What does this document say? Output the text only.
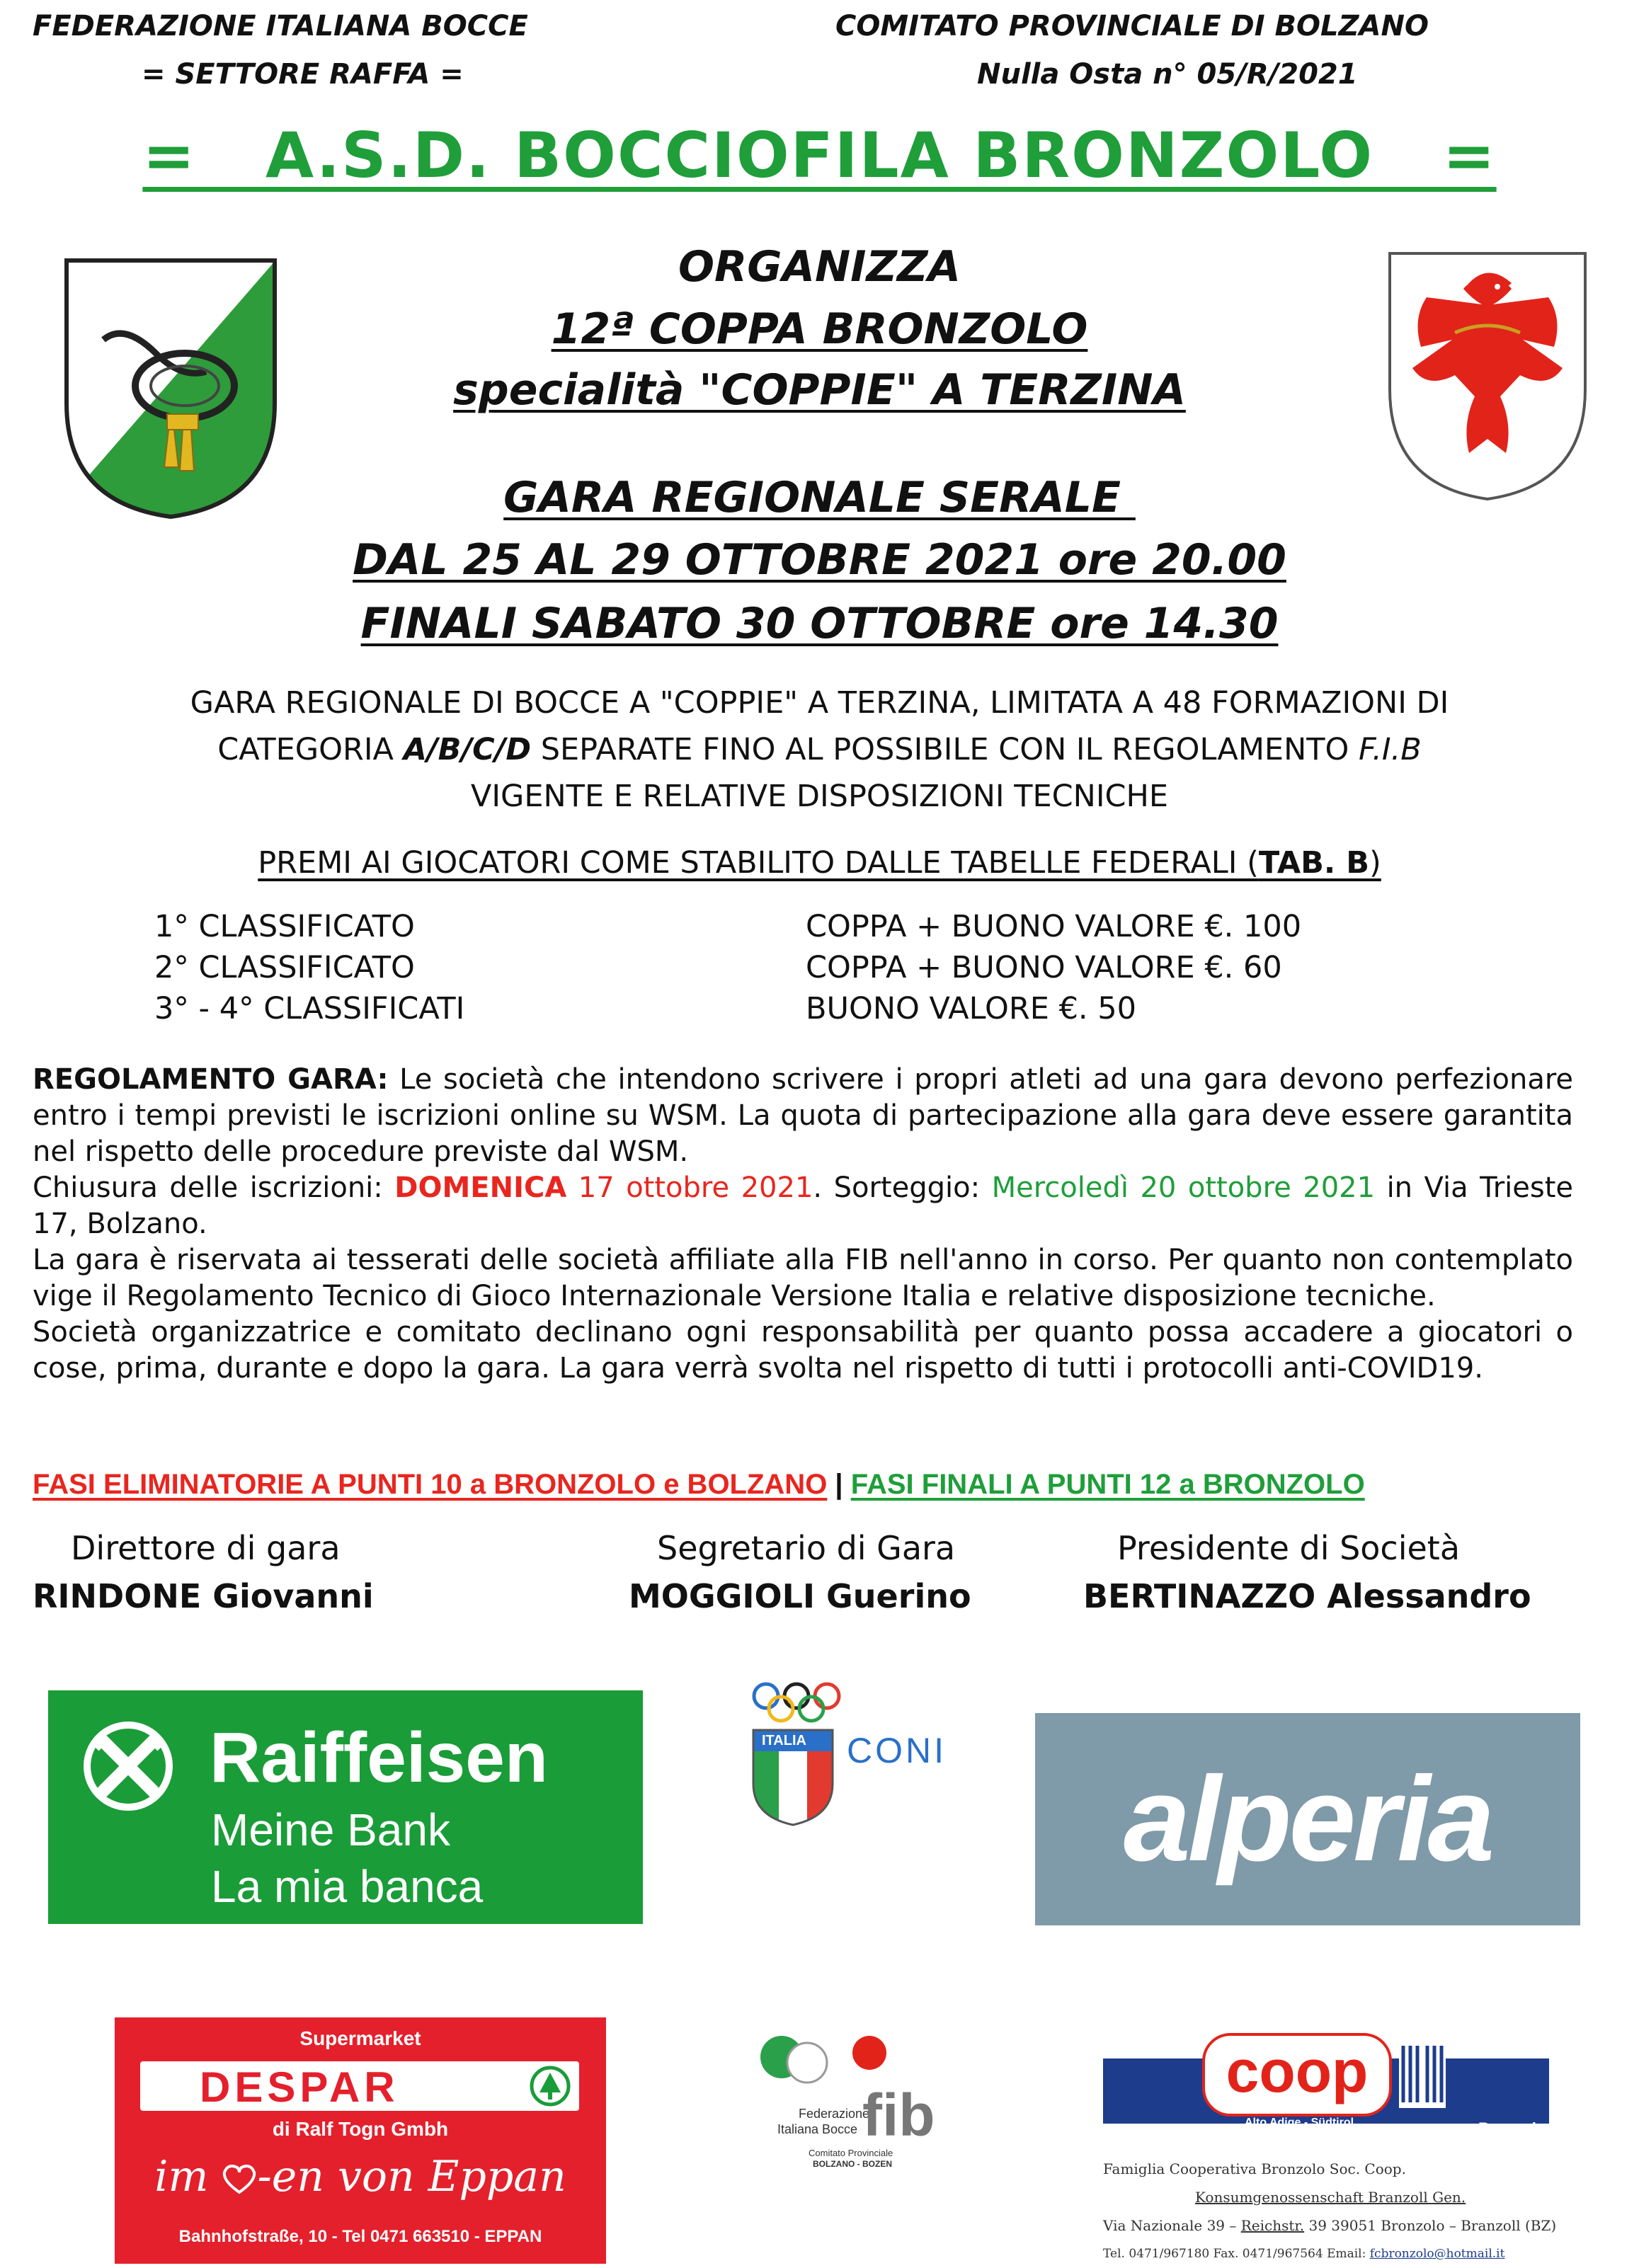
FEDERAZIONE ITALIANA BOCCE
= SETTORE RAFFA =
COMITATO PROVINCIALE DI BOLZANO
Nulla Osta n° 05/R/2021
=   A.S.D. BOCCIOFILA BRONZOLO   =
ORGANIZZA
12ª COPPA BRONZOLO
specialità "COPPIE" A TERZINA
GARA REGIONALE SERALE
DAL 25 AL 29 OTTOBRE 2021 ore 20.00
FINALI SABATO 30 OTTOBRE ore 14.30
GARA REGIONALE DI BOCCE A "COPPIE" A TERZINA, LIMITATA A 48 FORMAZIONI DI
CATEGORIA A/B/C/D SEPARATE FINO AL POSSIBILE CON IL REGOLAMENTO F.I.B
VIGENTE E RELATIVE DISPOSIZIONI TECNICHE
PREMI AI GIOCATORI COME STABILITO DALLE TABELLE FEDERALI (TAB. B)
1° CLASSIFICATO
2° CLASSIFICATO
3° - 4° CLASSIFICATI
COPPA + BUONO VALORE €. 100
COPPA + BUONO VALORE €. 60
BUONO VALORE €. 50
REGOLAMENTO GARA: Le società che intendono scrivere i propri atleti ad una gara devono perfezionare entro i tempi previsti le iscrizioni online su WSM. La quota di partecipazione alla gara deve essere garantita nel rispetto delle procedure previste dal WSM.
Chiusura delle iscrizioni: DOMENICA 17 ottobre 2021. Sorteggio: Mercoledì 20 ottobre 2021 in Via Trieste 17, Bolzano.
La gara è riservata ai tesserati delle società affiliate alla FIB nell'anno in corso. Per quanto non contemplato vige il Regolamento Tecnico di Gioco Internazionale Versione Italia e relative disposizione tecniche.
Società organizzatrice e comitato declinano ogni responsabilità per quanto possa accadere a giocatori o cose, prima, durante e dopo la gara. La gara verrà svolta nel rispetto di tutti i protocolli anti-COVID19.
FASI ELIMINATORIE A PUNTI 10 a BRONZOLO e BOLZANO | FASI FINALI A PUNTI 12 a BRONZOLO
Direttore di gara
RINDONE Giovanni
Segretario di Gara
MOGGIOLI Guerino
Presidente di Società
BERTINAZZO Alessandro
Raiffeisen
Meine Bank
La mia banca
ITALIA CONI
alperia
Supermarket
DESPAR
di Ralf Togn Gmbh
im -en von Eppan
Bahnhofstraße, 10 - Tel 0471 663510 - EPPAN
Federazione
Italiana Bocce fib
Comitato Provinciale
BOLZANO - BOZEN
coop
Alto Adige - Südtirol	Bronzolo
Famiglia Cooperativa Bronzolo Soc. Coop.
Konsumgenossenschaft Branzoll Gen.
Via Nazionale 39 – Reichstr. 39 39051 Bronzolo – Branzoll (BZ)
Tel. 0471/967180 Fax. 0471/967564 Email: fcbronzolo@hotmail.it
